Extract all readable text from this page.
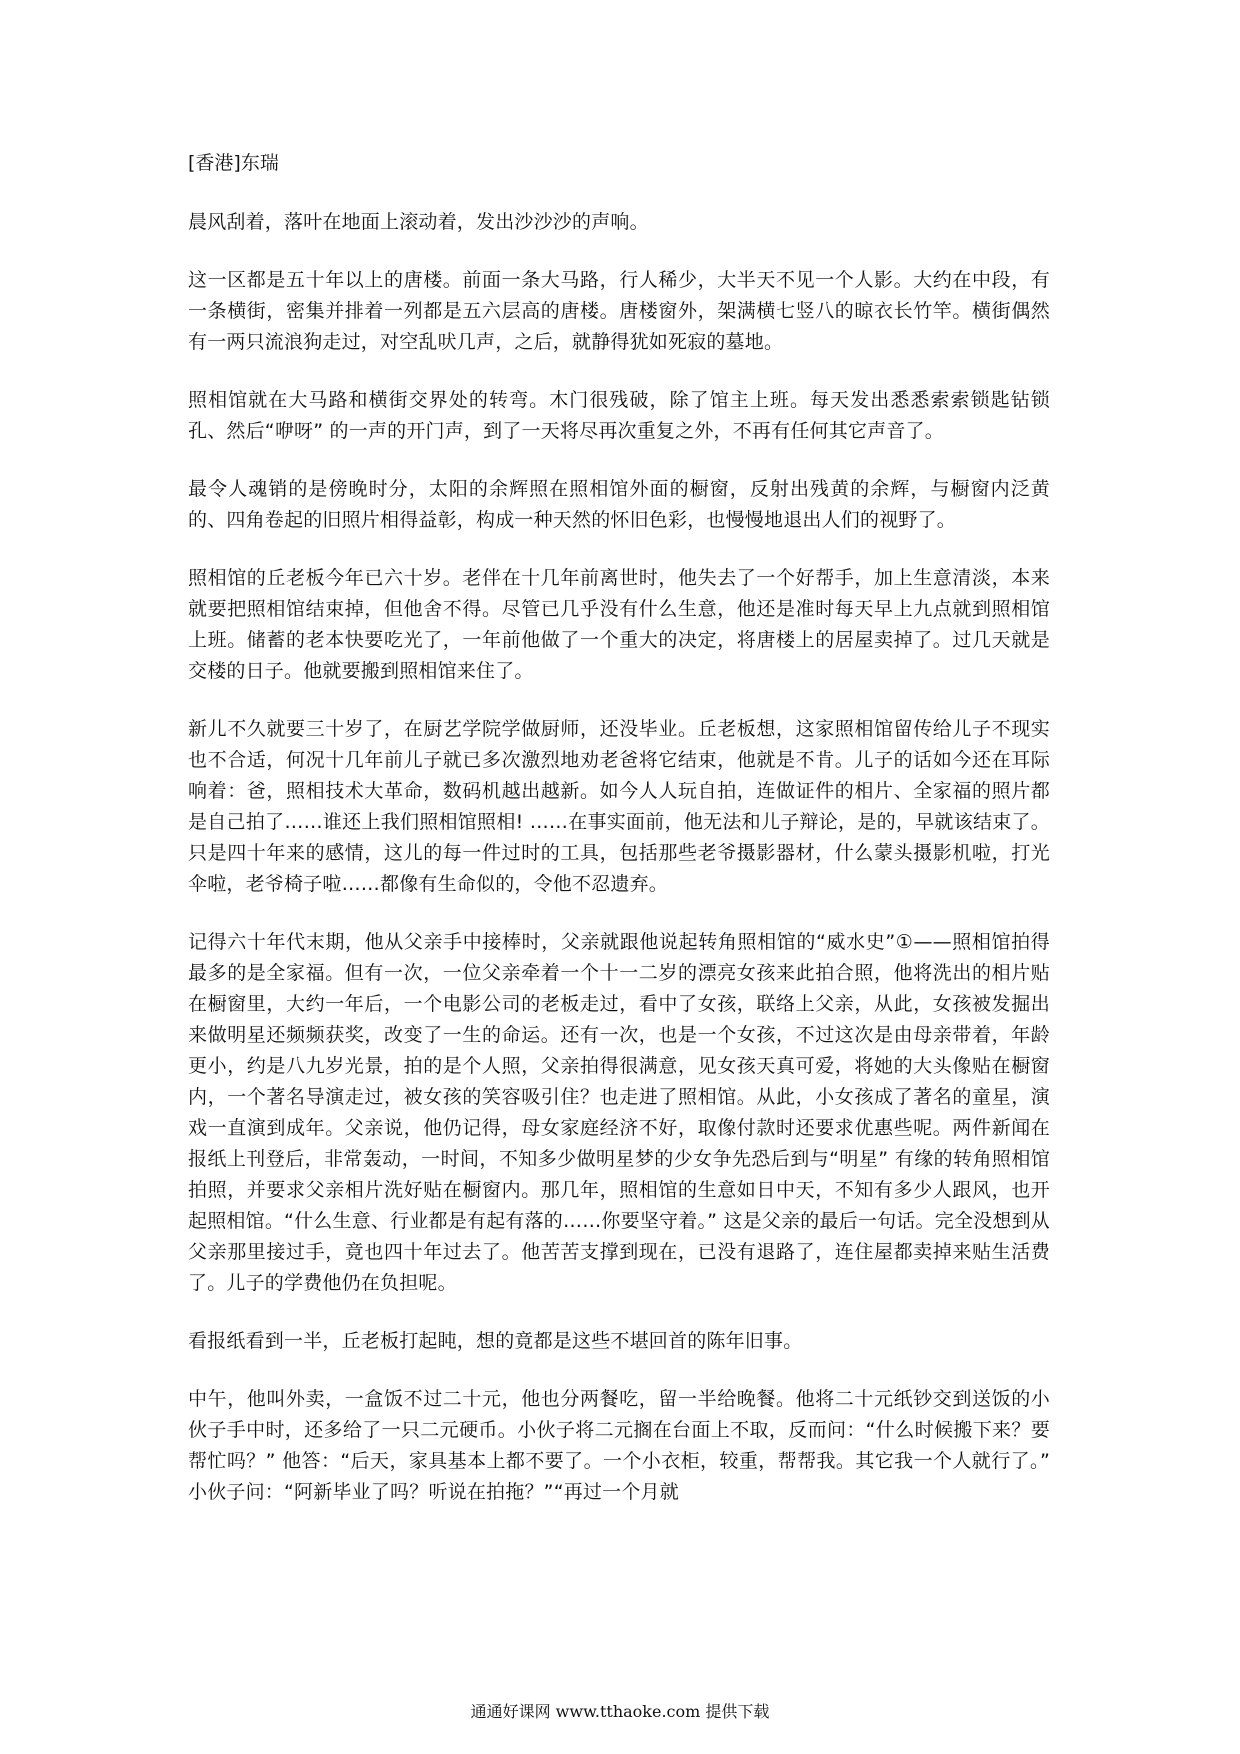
[香港]东瑞

晨风刮着，落叶在地面上滚动着，发出沙沙沙的声响。

这一区都是五十年以上的唐楼。前面一条大马路，行人稀少，大半天不见一个人影。大约在中段，有一条横街，密集并排着一列都是五六层高的唐楼。唐楼窗外，架满横七竖八的晾衣长竹竿。横街偶然有一两只流浪狗走过，对空乱吠几声，之后，就静得犹如死寂的墓地。

照相馆就在大马路和横街交界处的转弯。木门很残破，除了馆主上班。每天发出悉悉索索锁匙钻锁孔、然后“咿呀” 的一声的开门声，到了一天将尽再次重复之外，不再有任何其它声音了。

最令人魂销的是傍晚时分，太阳的余辉照在照相馆外面的橱窗，反射出残黄的余辉，与橱窗内泛黄的、四角卷起的旧照片相得益彰，构成一种天然的怀旧色彩，也慢慢地退出人们的视野了。

照相馆的丘老板今年已六十岁。老伴在十几年前离世时，他失去了一个好帮手，加上生意清淡，本来就要把照相馆结束掉，但他舍不得。尽管已几乎没有什么生意，他还是准时每天早上九点就到照相馆上班。储蓄的老本快要吃光了，一年前他做了一个重大的决定，将唐楼上的居屋卖掉了。过几天就是交楼的日子。他就要搬到照相馆来住了。

新儿不久就要三十岁了，在厨艺学院学做厨师，还没毕业。丘老板想，这家照相馆留传给儿子不现实也不合适，何况十几年前儿子就已多次激烈地劝老爸将它结束，他就是不肯。儿子的话如今还在耳际响着：爸，照相技术大革命，数码机越出越新。如今人人玩自拍，连做证件的相片、全家福的照片都是自己拍了……谁还上我们照相馆照相! ……在事实面前，他无法和儿子辩论，是的，早就该结束了。只是四十年来的感情，这儿的每一件过时的工具，包括那些老爷摄影器材，什么蒙头摄影机啦，打光伞啦，老爷椅子啦……都像有生命似的，令他不忍遗弃。

记得六十年代末期，他从父亲手中接棒时，父亲就跟他说起转角照相馆的“威水史”①——照相馆拍得最多的是全家福。但有一次，一位父亲牵着一个十一二岁的漂亮女孩来此拍合照，他将洗出的相片贴在橱窗里，大约一年后，一个电影公司的老板走过，看中了女孩，联络上父亲，从此，女孩被发掘出来做明星还频频获奖，改变了一生的命运。还有一次，也是一个女孩，不过这次是由母亲带着，年龄更小，约是八九岁光景，拍的是个人照，父亲拍得很满意，见女孩天真可爱，将她的大头像贴在橱窗内，一个著名导演走过，被女孩的笑容吸引住？也走进了照相馆。从此，小女孩成了著名的童星，演戏一直演到成年。父亲说，他仍记得，母女家庭经济不好，取像付款时还要求优惠些呢。两件新闻在报纸上刊登后，非常轰动，一时间，不知多少做明星梦的少女争先恐后到与“明星” 有缘的转角照相馆拍照，并要求父亲相片洗好贴在橱窗内。那几年，照相馆的生意如日中天，不知有多少人跟风，也开起照相馆。“什么生意、行业都是有起有落的……你要坚守着。” 这是父亲的最后一句话。完全没想到从父亲那里接过手，竟也四十年过去了。他苦苦支撑到现在，已没有退路了，连住屋都卖掉来贴生活费了。儿子的学费他仍在负担呢。

看报纸看到一半，丘老板打起盹，想的竟都是这些不堪回首的陈年旧事。

中午，他叫外卖，一盒饭不过二十元，他也分两餐吃，留一半给晚餐。他将二十元纸钞交到送饭的小伙子手中时，还多给了一只二元硬币。小伙子将二元搁在台面上不取，反而问：“什么时候搬下来？要帮忙吗？” 他答：“后天，家具基本上都不要了。一个小衣柜，较重，帮帮我。其它我一个人就行了。” 小伙子问：“阿新毕业了吗？听说在拍拖？”“再过一个月就

通通好课网 www.tthaoke.com 提供下载
